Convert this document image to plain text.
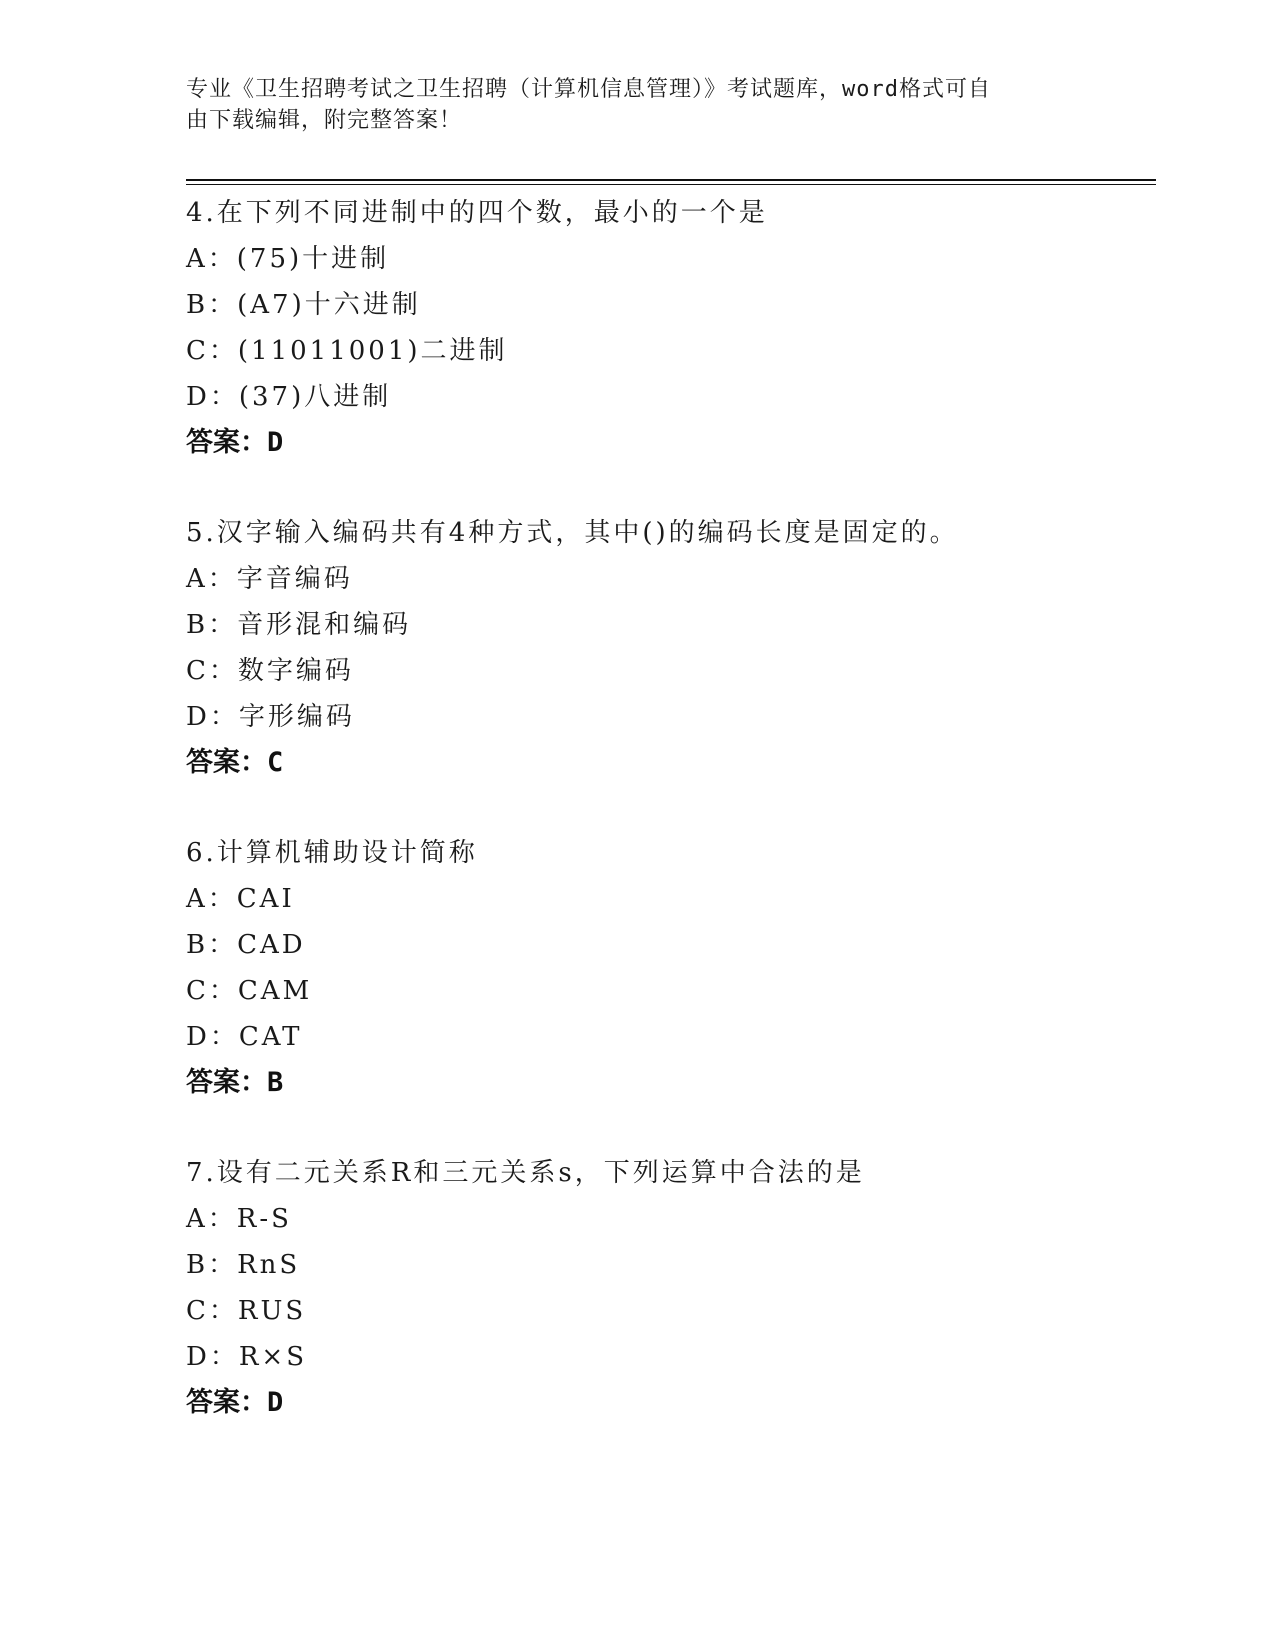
专业《卫生招聘考试之卫生招聘（计算机信息管理）》考试题库，word格式可自
由下载编辑，附完整答案！
4.在下列不同进制中的四个数，最小的一个是
A：(75)十进制
B：(A7)十六进制
C：(11011001)二进制
D：(37)八进制
答案：D
5.汉字输入编码共有4种方式，其中()的编码长度是固定的。
A：字音编码
B：音形混和编码
C：数字编码
D：字形编码
答案：C
6.计算机辅助设计简称
A：CAI
B：CAD
C：CAM
D：CAT
答案：B
7.设有二元关系R和三元关系s，下列运算中合法的是
A：R-S
B：RnS
C：RUS
D：R×S
答案：D
